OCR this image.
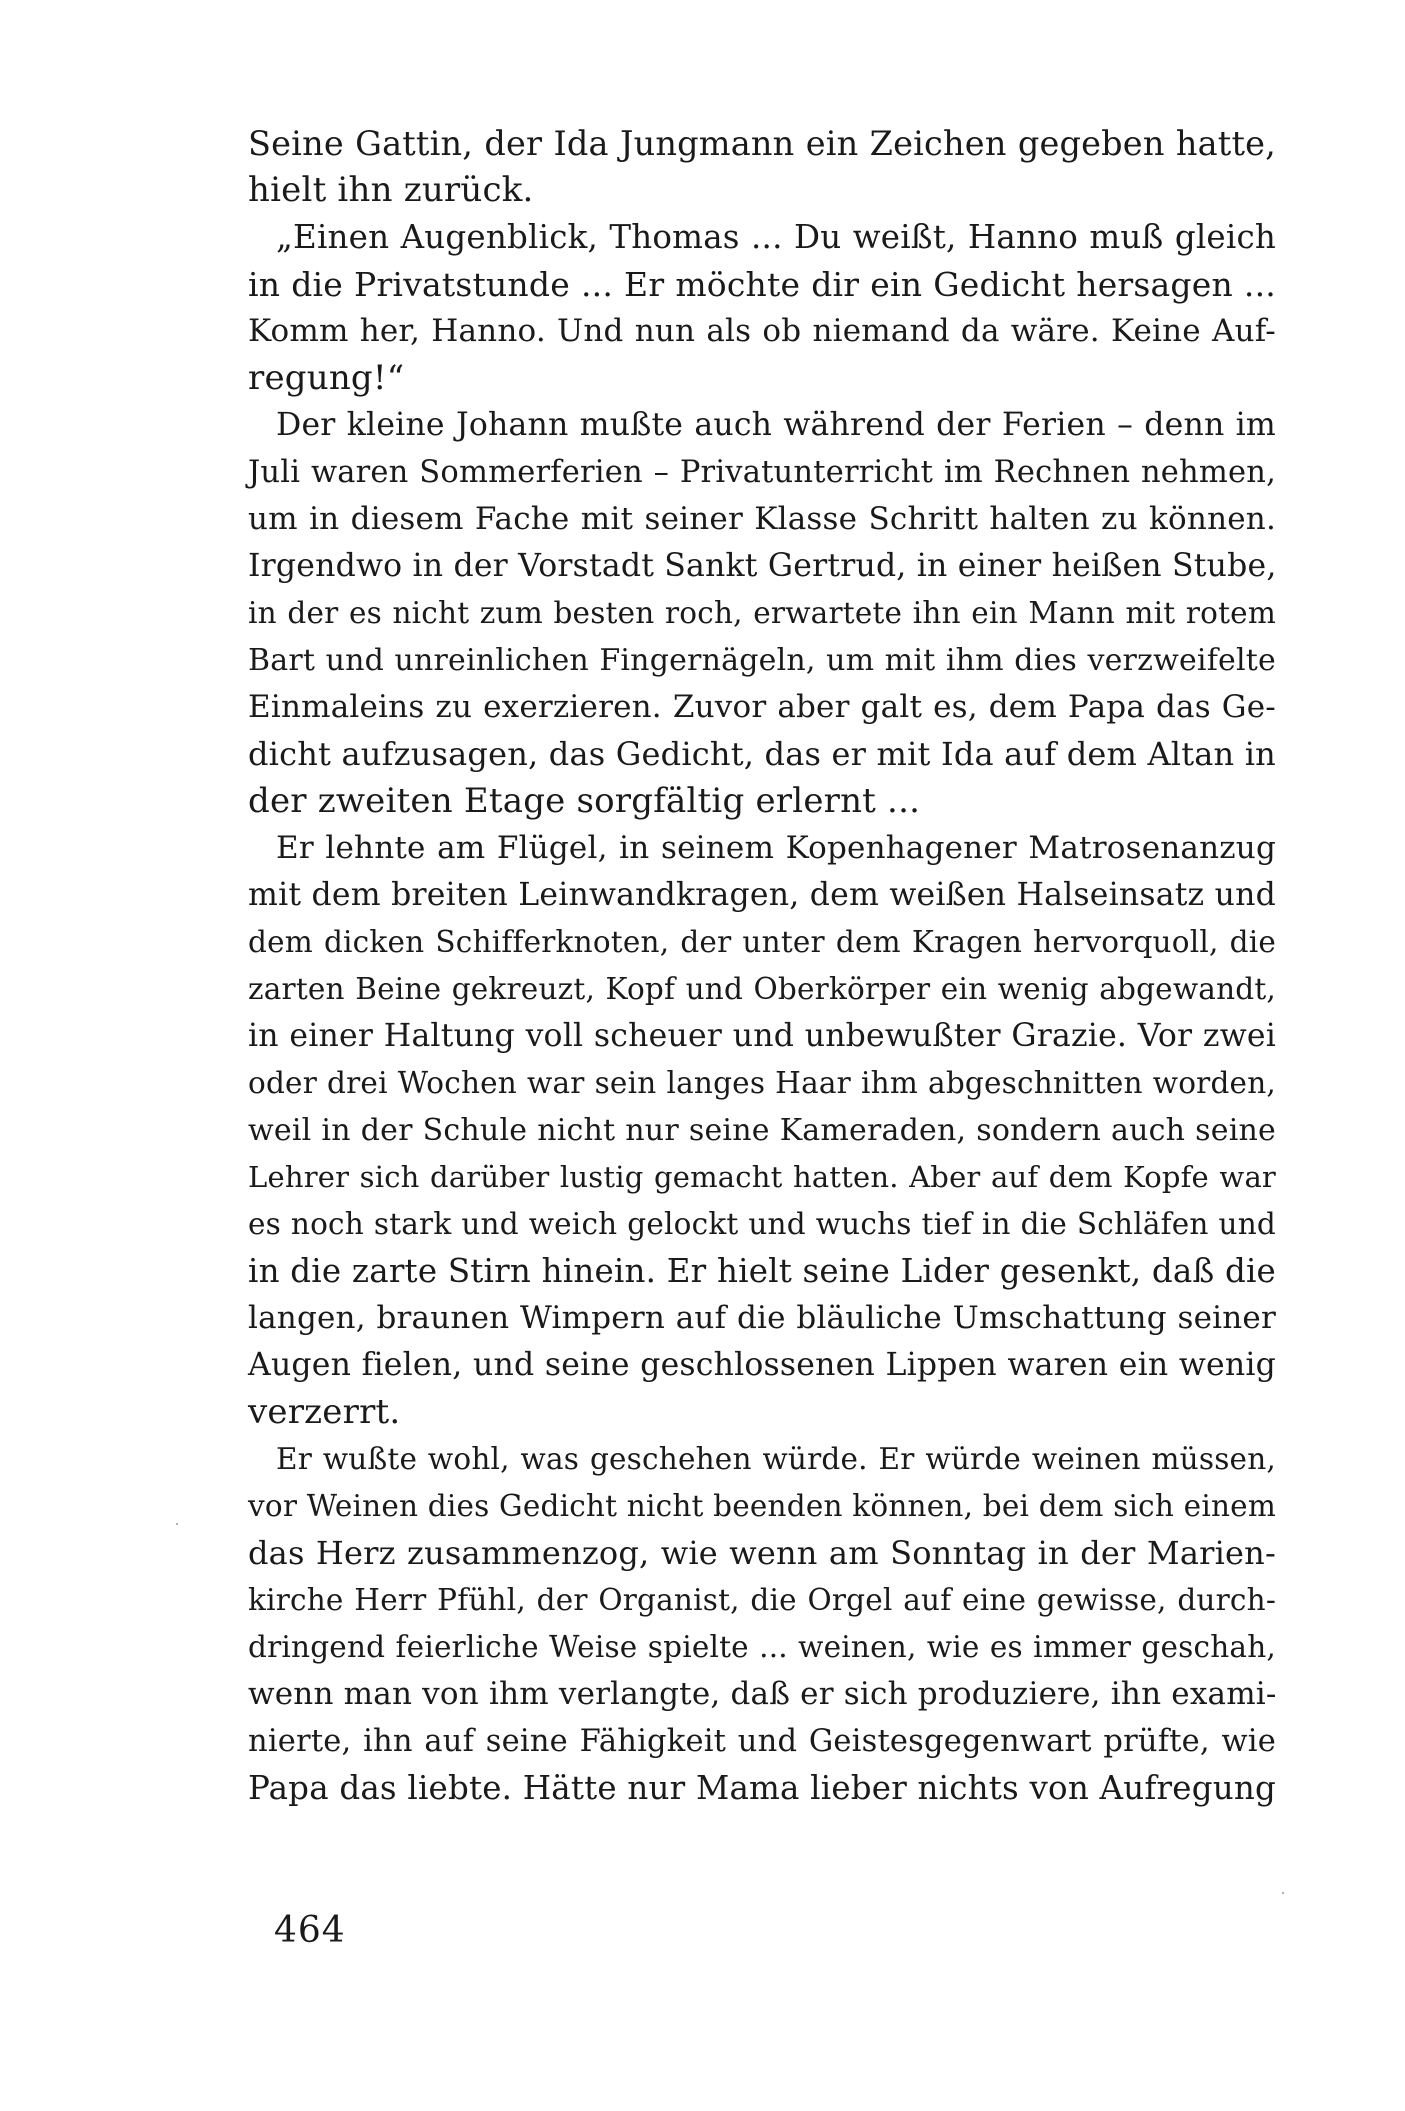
Seine Gattin, der Ida Jungmann ein Zeichen gegeben hatte,
hielt ihn zurück.
„Einen Augenblick, Thomas ... Du weißt, Hanno muß gleich
in die Privatstunde ... Er möchte dir ein Gedicht hersagen ...
Komm her, Hanno. Und nun als ob niemand da wäre. Keine Auf-
regung!“
Der kleine Johann mußte auch während der Ferien – denn im
Juli waren Sommerferien – Privatunterricht im Rechnen nehmen,
um in diesem Fache mit seiner Klasse Schritt halten zu können.
Irgendwo in der Vorstadt Sankt Gertrud, in einer heißen Stube,
in der es nicht zum besten roch, erwartete ihn ein Mann mit rotem
Bart und unreinlichen Fingernägeln, um mit ihm dies verzweifelte
Einmaleins zu exerzieren. Zuvor aber galt es, dem Papa das Ge-
dicht aufzusagen, das Gedicht, das er mit Ida auf dem Altan in
der zweiten Etage sorgfältig erlernt ...
Er lehnte am Flügel, in seinem Kopenhagener Matrosenanzug
mit dem breiten Leinwandkragen, dem weißen Halseinsatz und
dem dicken Schifferknoten, der unter dem Kragen hervorquoll, die
zarten Beine gekreuzt, Kopf und Oberkörper ein wenig abgewandt,
in einer Haltung voll scheuer und unbewußter Grazie. Vor zwei
oder drei Wochen war sein langes Haar ihm abgeschnitten worden,
weil in der Schule nicht nur seine Kameraden, sondern auch seine
Lehrer sich darüber lustig gemacht hatten. Aber auf dem Kopfe war
es noch stark und weich gelockt und wuchs tief in die Schläfen und
in die zarte Stirn hinein. Er hielt seine Lider gesenkt, daß die
langen, braunen Wimpern auf die bläuliche Umschattung seiner
Augen fielen, und seine geschlossenen Lippen waren ein wenig
verzerrt.
Er wußte wohl, was geschehen würde. Er würde weinen müssen,
vor Weinen dies Gedicht nicht beenden können, bei dem sich einem
das Herz zusammenzog, wie wenn am Sonntag in der Marien-
kirche Herr Pfühl, der Organist, die Orgel auf eine gewisse, durch-
dringend feierliche Weise spielte ... weinen, wie es immer geschah,
wenn man von ihm verlangte, daß er sich produziere, ihn exami-
nierte, ihn auf seine Fähigkeit und Geistesgegenwart prüfte, wie
Papa das liebte. Hätte nur Mama lieber nichts von Aufregung
464
